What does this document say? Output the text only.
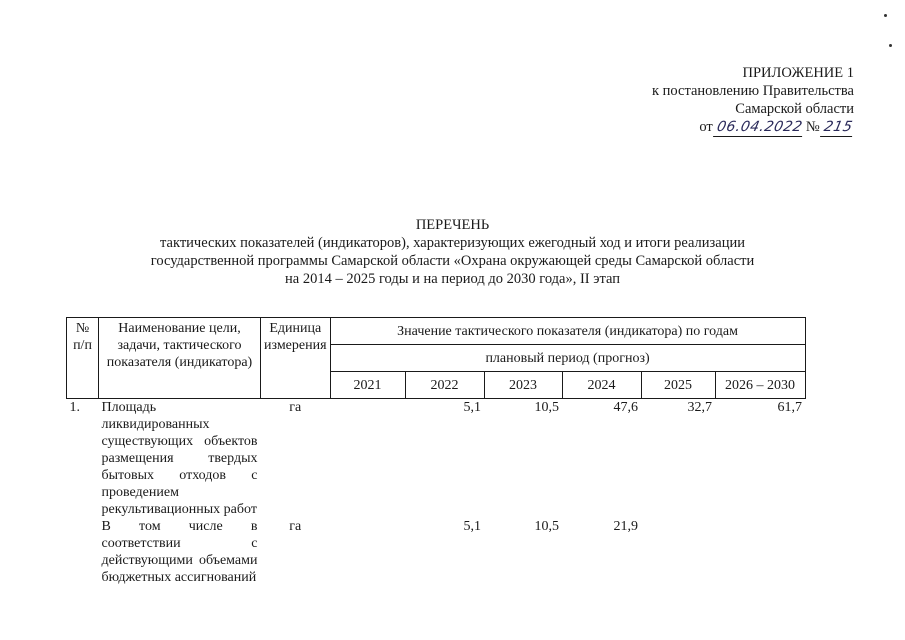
ПРИЛОЖЕНИЕ 1
к постановлению Правительства
Самарской области
от 06.04.2022 № 215
ПЕРЕЧЕНЬ
тактических показателей (индикаторов), характеризующих ежегодный ход и итоги реализации
государственной программы Самарской области «Охрана окружающей среды Самарской области
на 2014 – 2025 годы и на период до 2030 года», II этап
№ п/п	Наименование цели, задачи, тактического показателя (индикатора)	Единица измерения	Значение тактического показателя (индикатора) по годам					
			плановый период (прогноз)					
			2021	2022	2023	2024	2025	2026 – 2030
1.	Площадь ликвидированных существующих объектов размещения твердых бытовых отходов с проведением рекультивационных работ	га		5,1	10,5	47,6	32,7	61,7
	В том числе в соответствии с действующими объемами бюджетных ассигнований	га		5,1	10,5	21,9		
